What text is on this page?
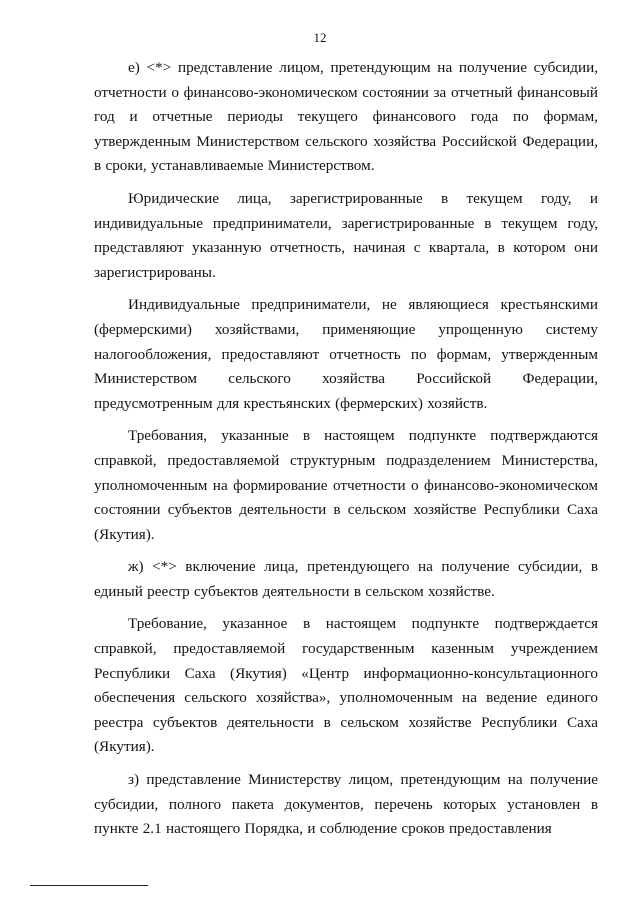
12

е) <*> представление лицом, претендующим на получение субсидии, отчетности о финансово-экономическом состоянии за отчетный финансовый год и отчетные периоды текущего финансового года по формам, утвержденным Министерством сельского хозяйства Российской Федерации, в сроки, устанавливаемые Министерством.

Юридические лица, зарегистрированные в текущем году, и индивидуальные предприниматели, зарегистрированные в текущем году, представляют указанную отчетность, начиная с квартала, в котором они зарегистрированы.

Индивидуальные предприниматели, не являющиеся крестьянскими (фермерскими) хозяйствами, применяющие упрощенную систему налогообложения, предоставляют отчетность по формам, утвержденным Министерством сельского хозяйства Российской Федерации, предусмотренным для крестьянских (фермерских) хозяйств.

Требования, указанные в настоящем подпункте подтверждаются справкой, предоставляемой структурным подразделением Министерства, уполномоченным на формирование отчетности о финансово-экономическом состоянии субъектов деятельности в сельском хозяйстве Республики Саха (Якутия).

ж) <*> включение лица, претендующего на получение субсидии, в единый реестр субъектов деятельности в сельском хозяйстве.

Требование, указанное в настоящем подпункте подтверждается справкой, предоставляемой государственным казенным учреждением Республики Саха (Якутия) «Центр информационно-консультационного обеспечения сельского хозяйства», уполномоченным на ведение единого реестра субъектов деятельности в сельском хозяйстве Республики Саха (Якутия).

з) представление Министерству лицом, претендующим на получение субсидии, полного пакета документов, перечень которых установлен в пункте 2.1 настоящего Порядка, и соблюдение сроков предоставления
